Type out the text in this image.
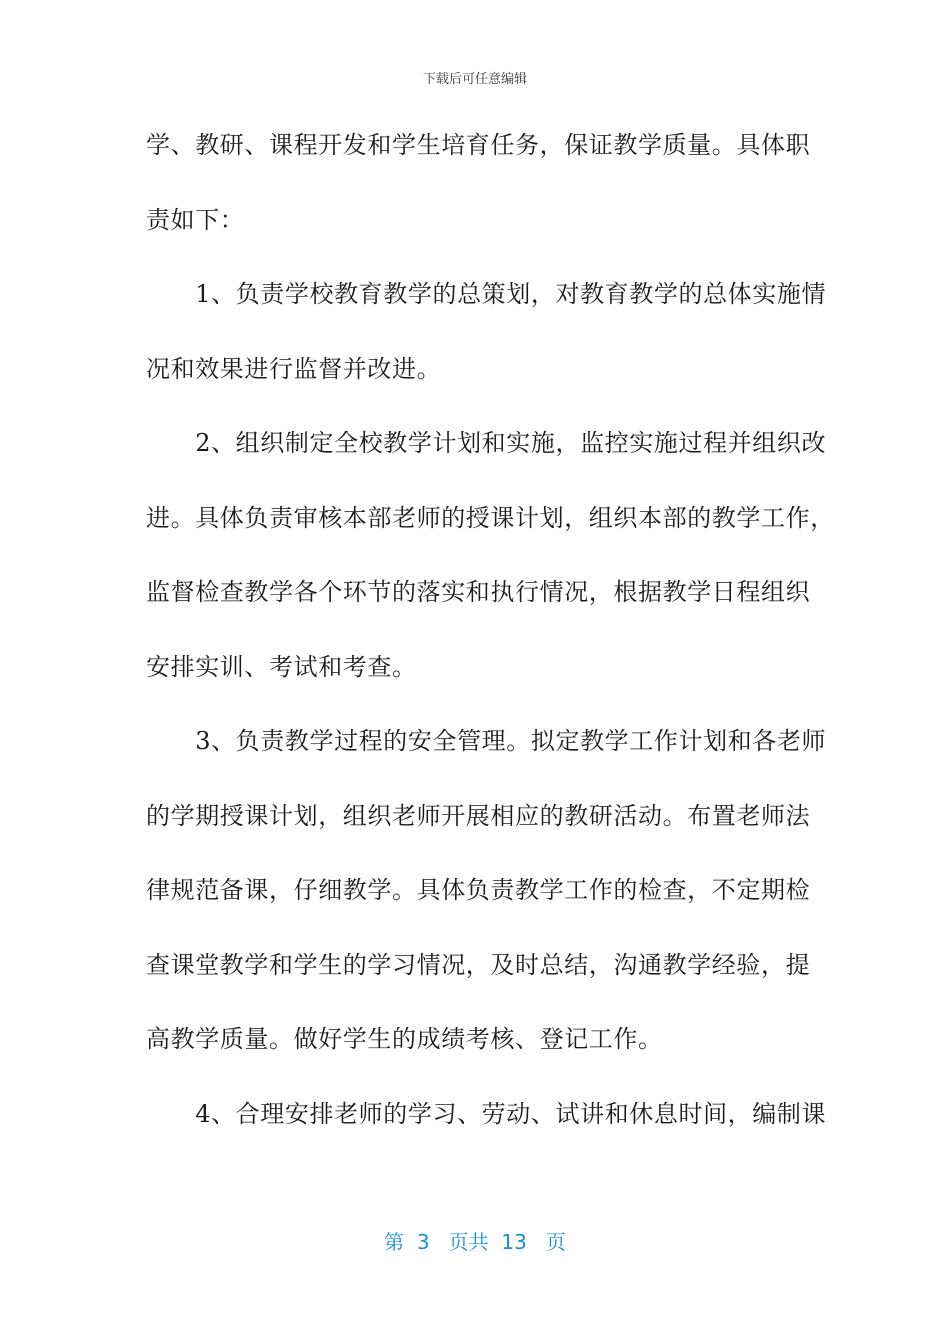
下载后可任意编辑
学、教研、课程开发和学生培育任务，保证教学质量。具体职
责如下：
　　1、负责学校教育教学的总策划，对教育教学的总体实施情
况和效果进行监督并改进。
　　2、组织制定全校教学计划和实施，监控实施过程并组织改
进。具体负责审核本部老师的授课计划，组织本部的教学工作，
监督检查教学各个环节的落实和执行情况，根据教学日程组织
安排实训、考试和考查。
　　3、负责教学过程的安全管理。拟定教学工作计划和各老师
的学期授课计划，组织老师开展相应的教研活动。布置老师法
律规范备课，仔细教学。具体负责教学工作的检查，不定期检
查课堂教学和学生的学习情况，及时总结，沟通教学经验，提
高教学质量。做好学生的成绩考核、登记工作。
　　4、合理安排老师的学习、劳动、试讲和休息时间，编制课
第 3 页共 13 页
